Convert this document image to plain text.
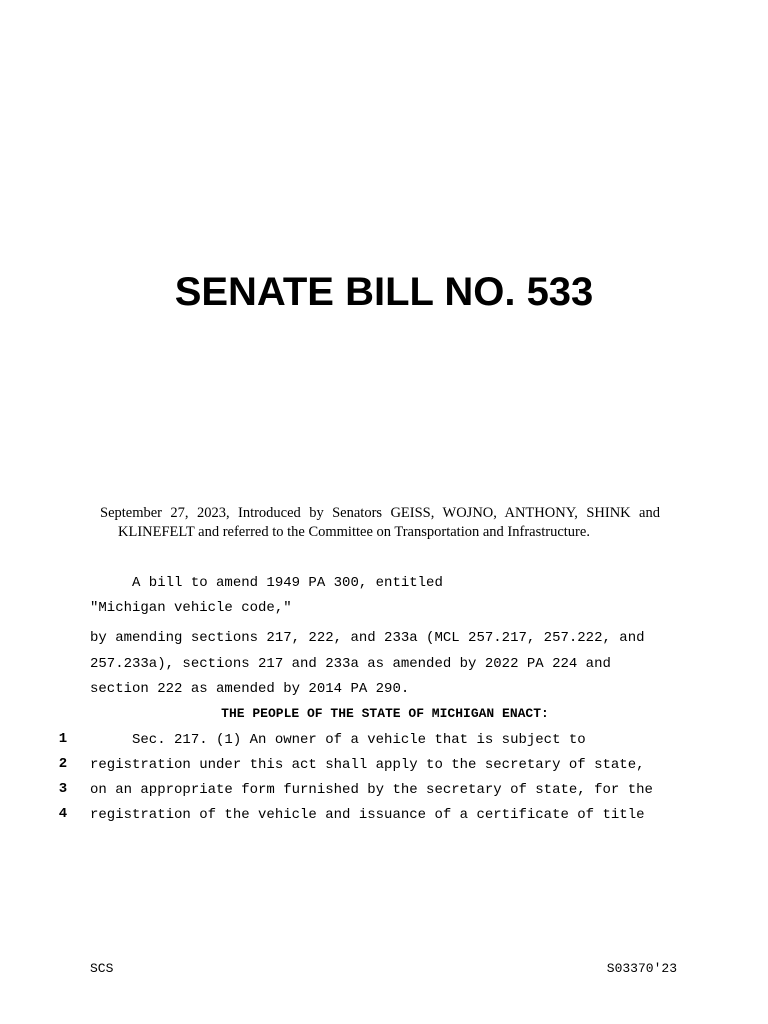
SENATE BILL NO. 533

September 27, 2023, Introduced by Senators GEISS, WOJNO, ANTHONY, SHINK and
KLINEFELT and referred to the Committee on Transportation and Infrastructure.

A bill to amend 1949 PA 300, entitled
"Michigan vehicle code,"
by amending sections 217, 222, and 233a (MCL 257.217, 257.222, and
257.233a), sections 217 and 233a as amended by 2022 PA 224 and
section 222 as amended by 2014 PA 290.
THE PEOPLE OF THE STATE OF MICHIGAN ENACT:
1 Sec. 217. (1) An owner of a vehicle that is subject to
2 registration under this act shall apply to the secretary of state,
3 on an appropriate form furnished by the secretary of state, for the
4 registration of the vehicle and issuance of a certificate of title
SCS	S03370'23
